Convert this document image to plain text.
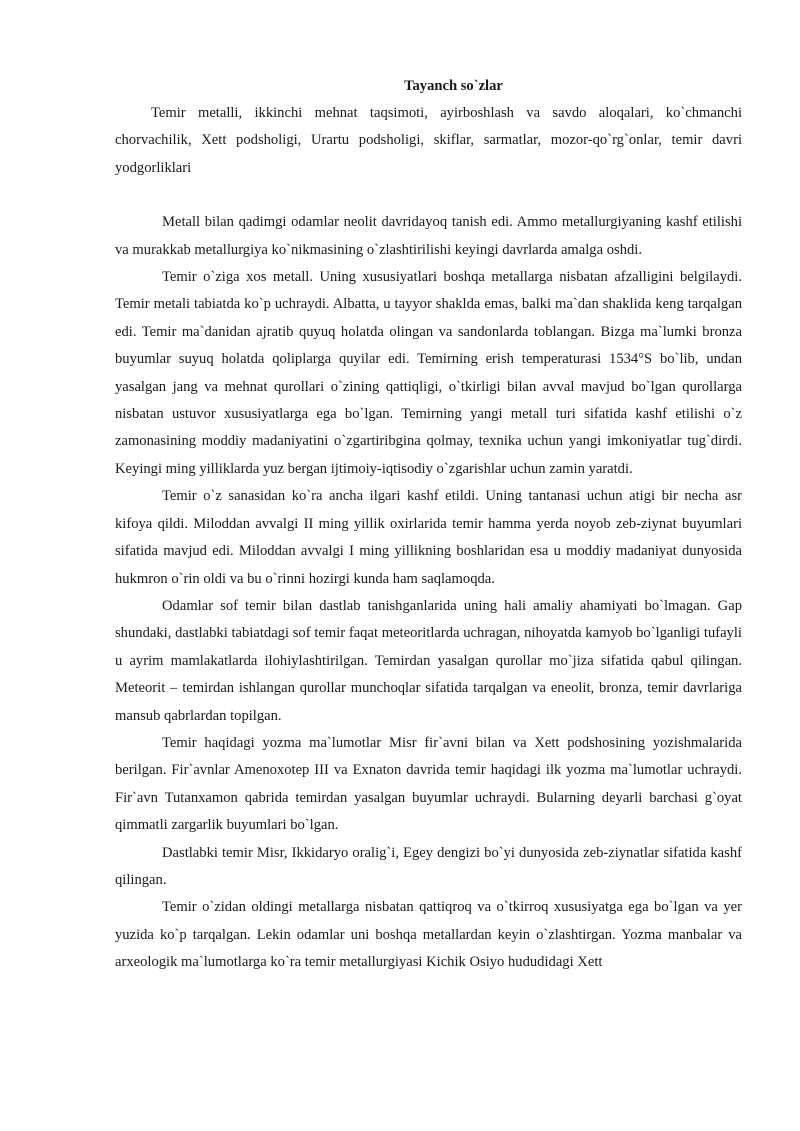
Tayanch so`zlar

Temir metalli, ikkinchi mehnat taqsimoti, ayirboshlash va savdo aloqalari, ko`chmanchi chorvachilik, Xett podsholigi, Urartu podsholigi, skiflar, sarmatlar, mozor-qo`rg`onlar, temir davri yodgorliklari

Metall bilan qadimgi odamlar neolit davridayoq tanish edi. Ammo metallurgiyaning kashf etilishi va murakkab metallurgiya ko`nikmasining o`zlashtirilishi keyingi davrlarda amalga oshdi.

Temir o`ziga xos metall. Uning xususiyatlari boshqa metallarga nisbatan afzalligini belgilaydi. Temir metali tabiatda ko`p uchraydi. Albatta, u tayyor shaklda emas, balki ma`dan shaklida keng tarqalgan edi. Temir ma`danidan ajratib quyuq holatda olingan va sandonlarda toblangan. Bizga ma`lumki bronza buyumlar suyuq holatda qoliplarga quyilar edi. Temirning erish temperaturasi 1534°S bo`lib, undan yasalgan jang va mehnat qurollari o`zining qattiqligi, o`tkirligi bilan avval mavjud bo`lgan qurollarga nisbatan ustuvor xususiyatlarga ega bo`lgan. Temirning yangi metall turi sifatida kashf etilishi o`z zamonasining moddiy madaniyatini o`zgartiribgina qolmay, texnika uchun yangi imkoniyatlar tug`dirdi. Keyingi ming yilliklarda yuz bergan ijtimoiy-iqtisodiy o`zgarishlar uchun zamin yaratdi.

Temir o`z sanasidan ko`ra ancha ilgari kashf etildi. Uning tantanasi uchun atigi bir necha asr kifoya qildi. Miloddan avvalgi II ming yillik oxirlarida temir hamma yerda noyob zeb-ziynat buyumlari sifatida mavjud edi. Miloddan avvalgi I ming yillikning boshlaridan esa u moddiy madaniyat dunyosida hukmron o`rin oldi va bu o`rinni hozirgi kunda ham saqlamoqda.

Odamlar sof temir bilan dastlab tanishganlarida uning hali amaliy ahamiyati bo`lmagan. Gap shundaki, dastlabki tabiatdagi sof temir faqat meteoritlarda uchragan, nihoyatda kamyob bo`lganligi tufayli u ayrim mamlakatlarda ilohiylashtirilgan. Temirdan yasalgan qurollar mo`jiza sifatida qabul qilingan. Meteorit – temirdan ishlangan qurollar munchoqlar sifatida tarqalgan va eneolit, bronza, temir davrlariga mansub qabrlardan topilgan.

Temir haqidagi yozma ma`lumotlar Misr fir`avni bilan va Xett podshosining yozishmalarida berilgan. Fir`avnlar Amenoxotep III va Exnaton davrida temir haqidagi ilk yozma ma`lumotlar uchraydi. Fir`avn Tutanxamon qabrida temirdan yasalgan buyumlar uchraydi. Bularning deyarli barchasi g`oyat qimmatli zargarlik buyumlari bo`lgan.

Dastlabki temir Misr, Ikkidaryo oralig`i, Egey dengizi bo`yi dunyosida zeb-ziynatlar sifatida kashf qilingan.

Temir o`zidan oldingi metallarga nisbatan qattiqroq va o`tkirroq xususiyatga ega bo`lgan va yer yuzida ko`p tarqalgan. Lekin odamlar uni boshqa metallardan keyin o`zlashtirgan. Yozma manbalar va arxeologik ma`lumotlarga ko`ra temir metallurgiyasi Kichik Osiyo hududidagi Xett
